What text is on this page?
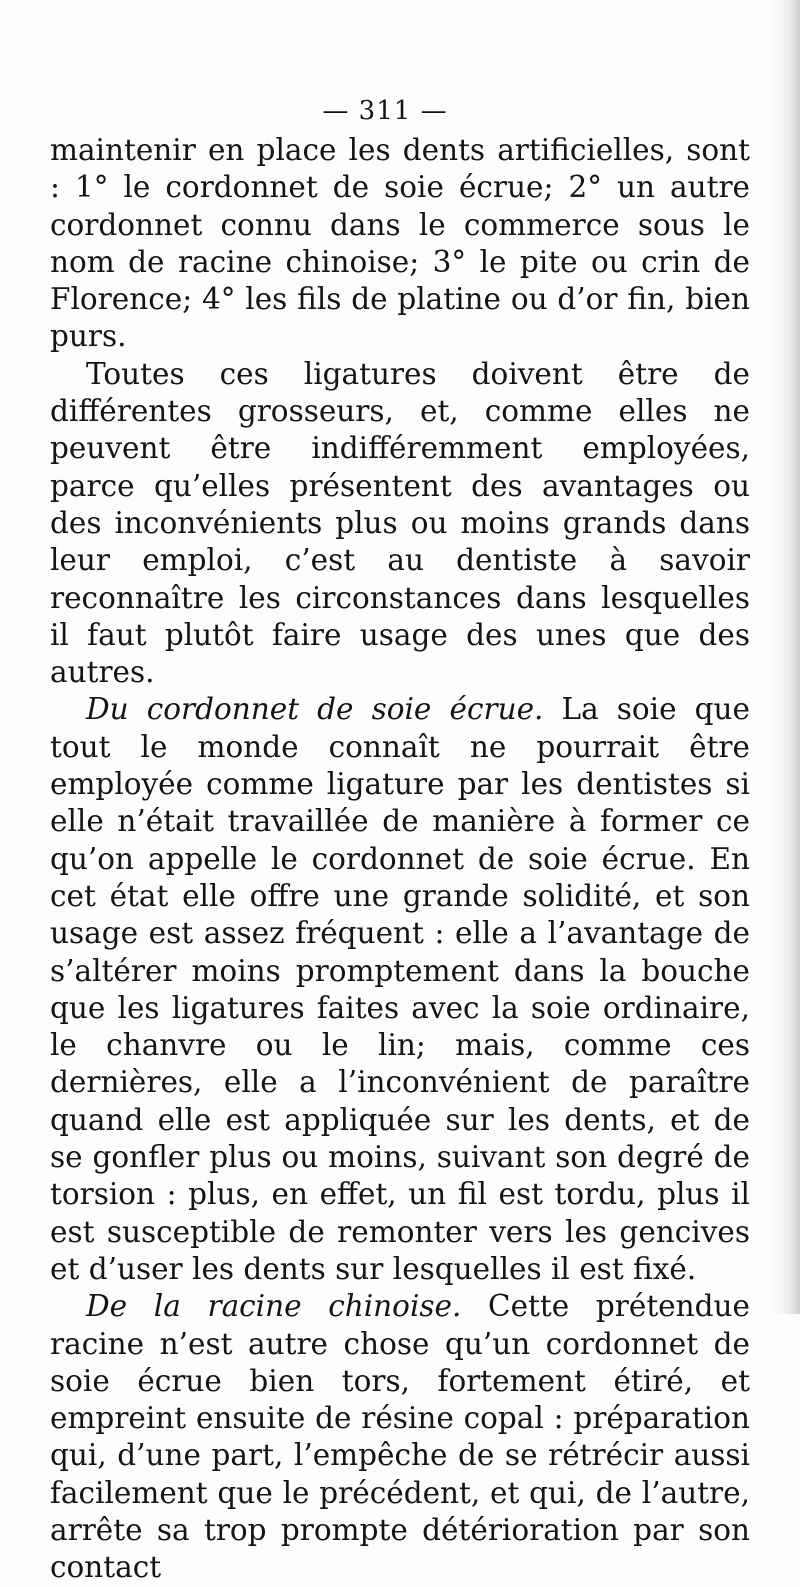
— 311 —

maintenir en place les dents artificielles, sont : 1° le cordonnet de soie écrue; 2° un autre cordonnet connu dans le commerce sous le nom de racine chinoise; 3° le pite ou crin de Florence; 4° les fils de platine ou d’or fin, bien purs.

Toutes ces ligatures doivent être de différentes grosseurs, et, comme elles ne peuvent être indifféremment employées, parce qu’elles présentent des avantages ou des inconvénients plus ou moins grands dans leur emploi, c’est au dentiste à savoir reconnaître les circonstances dans lesquelles il faut plutôt faire usage des unes que des autres.

Du cordonnet de soie écrue. La soie que tout le monde connaît ne pourrait être employée comme ligature par les dentistes si elle n’était travaillée de manière à former ce qu’on appelle le cordonnet de soie écrue. En cet état elle offre une grande solidité, et son usage est assez fréquent : elle a l’avantage de s’altérer moins promptement dans la bouche que les ligatures faites avec la soie ordinaire, le chanvre ou le lin; mais, comme ces dernières, elle a l’inconvénient de paraître quand elle est appliquée sur les dents, et de se gonfler plus ou moins, suivant son degré de torsion : plus, en effet, un fil est tordu, plus il est susceptible de remonter vers les gencives et d’user les dents sur lesquelles il est fixé.

De la racine chinoise. Cette prétendue racine n’est autre chose qu’un cordonnet de soie écrue bien tors, fortement étiré, et empreint ensuite de résine copal : préparation qui, d’une part, l’empêche de se rétrécir aussi facilement que le précédent, et qui, de l’autre, arrête sa trop prompte détérioration par son contact
